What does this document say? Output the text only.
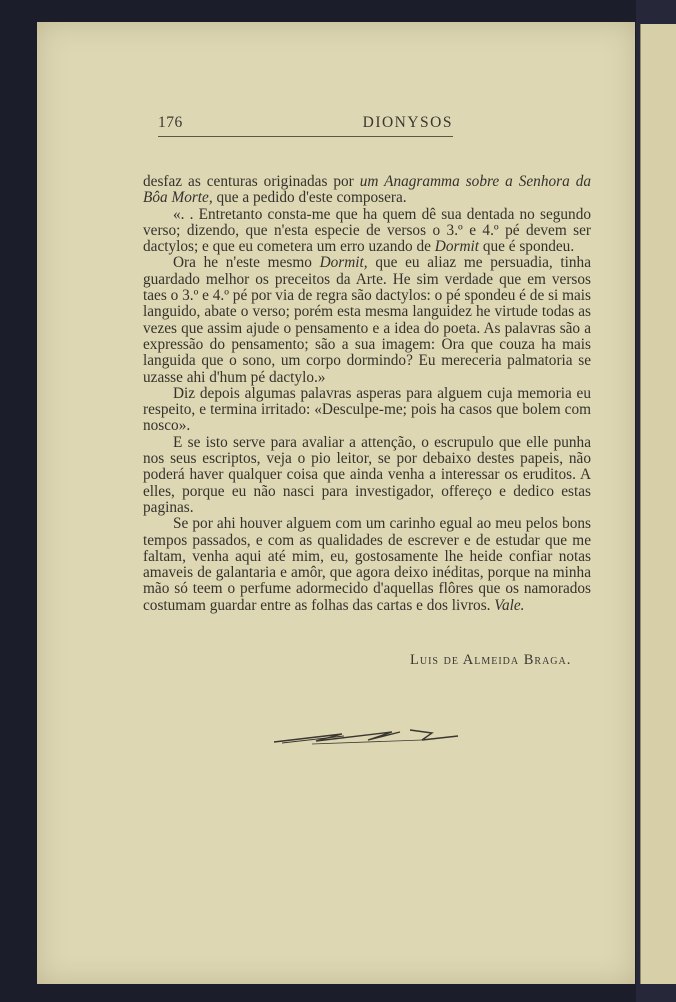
176	DIONYSOS

desfaz as centuras originadas por um Anagramma sobre a Senhora da Bôa Morte, que a pedido d'este composera.

«. . Entretanto consta-me que ha quem dê sua dentada no segundo verso; dizendo, que n'esta especie de versos o 3.º e 4.º pé devem ser dactylos; e que eu cometera um erro uzando de Dormit que é spondeu.

Ora he n'este mesmo Dormit, que eu aliaz me persuadia, tinha guardado melhor os preceitos da Arte. He sim verdade que em versos taes o 3.º e 4.º pé por via de regra são dactylos: o pé spondeu é de si mais languido, abate o verso; porém esta mesma languidez he virtude todas as vezes que assim ajude o pensamento e a idea do poeta. As palavras são a expressão do pensamento; são a sua imagem: Ora que couza ha mais languida que o sono, um corpo dormindo? Eu mereceria palmatoria se uzasse ahi d'hum pé dactylo.»

Diz depois algumas palavras asperas para alguem cuja memoria eu respeito, e termina irritado: «Desculpe-me; pois ha casos que bolem com nosco».

E se isto serve para avaliar a attenção, o escrupulo que elle punha nos seus escriptos, veja o pio leitor, se por debaixo destes papeis, não poderá haver qualquer coisa que ainda venha a interessar os eruditos. A elles, porque eu não nasci para investigador, offereço e dedico estas paginas.

Se por ahi houver alguem com um carinho egual ao meu pelos bons tempos passados, e com as qualidades de escrever e de estudar que me faltam, venha aqui até mim, eu, gostosamente lhe heide confiar notas amaveis de galantaria e amôr, que agora deixo inéditas, porque na minha mão só teem o perfume adormecido d'aquellas flôres que os namorados costumam guardar entre as folhas das cartas e dos livros. Vale.

Luis de Almeida Braga.
